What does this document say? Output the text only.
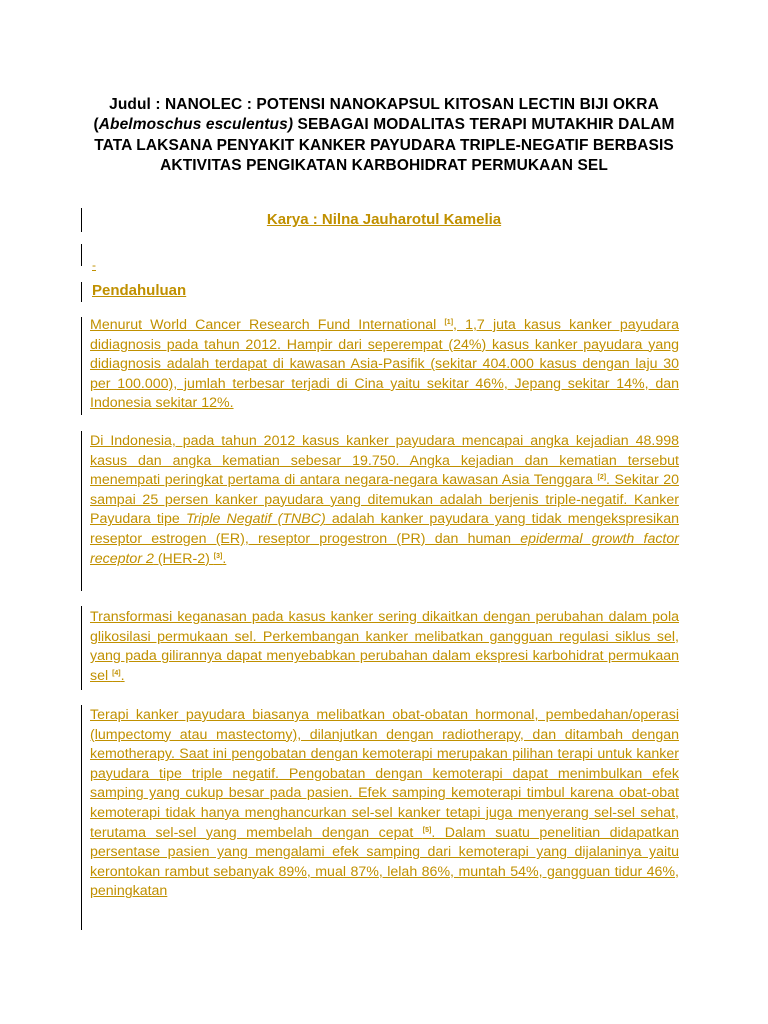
Judul : NANOLEC : POTENSI NANOKAPSUL KITOSAN LECTIN BIJI OKRA (Abelmoschus esculentus) SEBAGAI MODALITAS TERAPI MUTAKHIR DALAM TATA LAKSANA PENYAKIT KANKER PAYUDARA TRIPLE-NEGATIF BERBASIS AKTIVITAS PENGIKATAN KARBOHIDRAT PERMUKAAN SEL
Karya : Nilna Jauharotul Kamelia
-
Pendahuluan
Menurut World Cancer Research Fund International [1], 1,7 juta kasus kanker payudara didiagnosis pada tahun 2012. Hampir dari seperempat (24%) kasus kanker payudara yang didiagnosis adalah terdapat di kawasan Asia-Pasifik (sekitar 404.000 kasus dengan laju 30 per 100.000), jumlah terbesar terjadi di Cina yaitu sekitar 46%, Jepang sekitar 14%, dan Indonesia sekitar 12%.
Di Indonesia, pada tahun 2012 kasus kanker payudara mencapai angka kejadian 48.998 kasus dan angka kematian sebesar 19.750. Angka kejadian dan kematian tersebut menempati peringkat pertama di antara negara-negara kawasan Asia Tenggara [2]. Sekitar 20 sampai 25 persen kanker payudara yang ditemukan adalah berjenis triple-negatif. Kanker Payudara tipe Triple Negatif (TNBC) adalah kanker payudara yang tidak mengekspresikan reseptor estrogen (ER), reseptor progestron (PR) dan human epidermal growth factor receptor 2 (HER-2) [3].
Transformasi keganasan pada kasus kanker sering dikaitkan dengan perubahan dalam pola glikosilasi permukaan sel. Perkembangan kanker melibatkan gangguan regulasi siklus sel, yang pada gilirannya dapat menyebabkan perubahan dalam ekspresi karbohidrat permukaan sel [4].
Terapi kanker payudara biasanya melibatkan obat-obatan hormonal, pembedahan/operasi (lumpectomy atau mastectomy), dilanjutkan dengan radiotherapy, dan ditambah dengan kemotherapy. Saat ini pengobatan dengan kemoterapi merupakan pilihan terapi untuk kanker payudara tipe triple negatif. Pengobatan dengan kemoterapi dapat menimbulkan efek samping yang cukup besar pada pasien. Efek samping kemoterapi timbul karena obat-obat kemoterapi tidak hanya menghancurkan sel-sel kanker tetapi juga menyerang sel-sel sehat, terutama sel-sel yang membelah dengan cepat [5]. Dalam suatu penelitian didapatkan persentase pasien yang mengalami efek samping dari kemoterapi yang dijalaninya yaitu kerontokan rambut sebanyak 89%, mual 87%, lelah 86%, muntah 54%, gangguan tidur 46%, peningkatan
